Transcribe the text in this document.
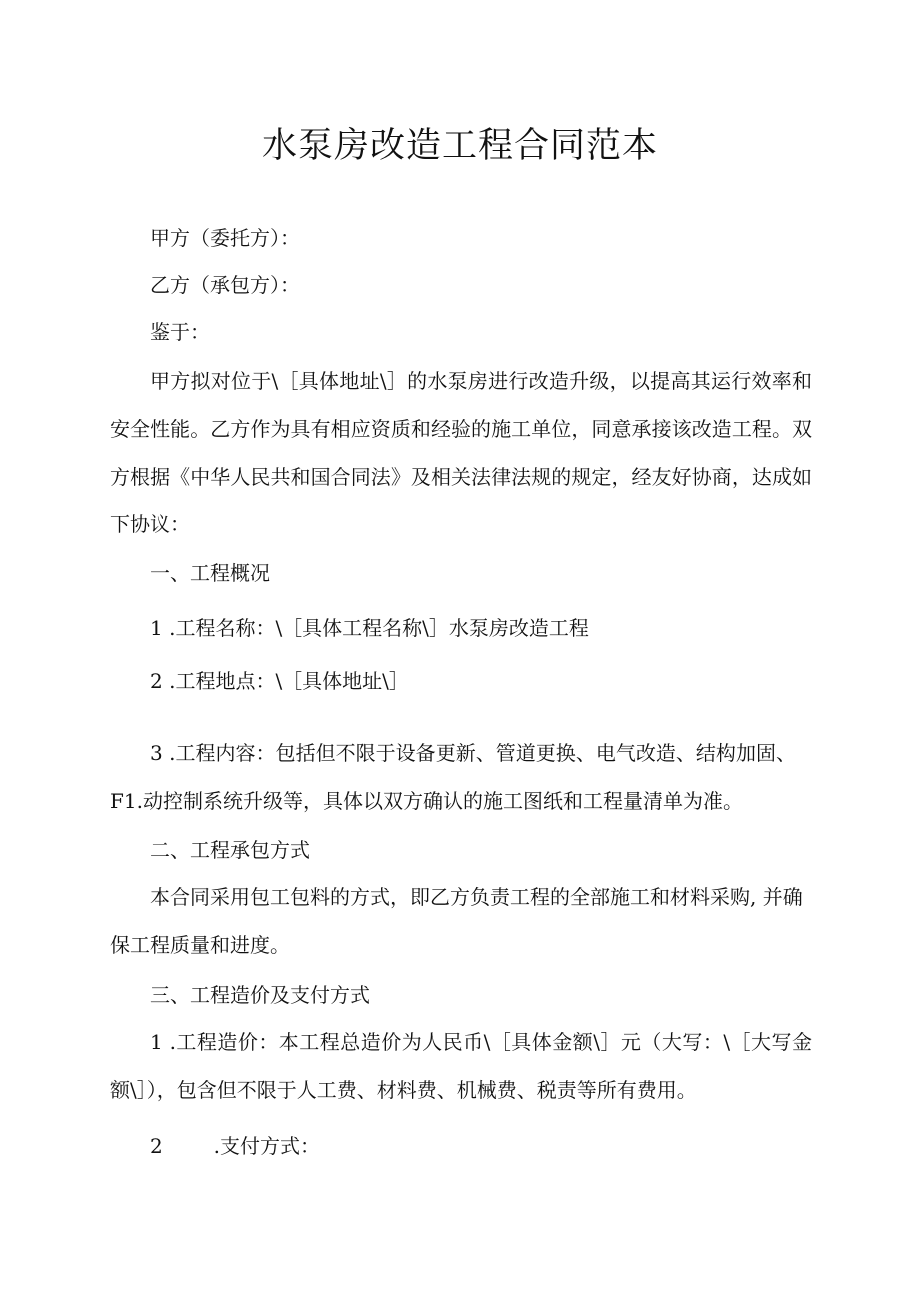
水泵房改造工程合同范本
甲方（委托方）：
乙方（承包方）：
鉴于：
甲方拟对位于\［具体地址\］的水泵房进行改造升级，以提高其运行效率和
安全性能。乙方作为具有相应资质和经验的施工单位，同意承接该改造工程。双
方根据《中华人民共和国合同法》及相关法律法规的规定，经友好协商，达成如
下协议：
一、工程概况
1 .工程名称：\［具体工程名称\］水泵房改造工程
2 .工程地点：\［具体地址\］
3 .工程内容：包括但不限于设备更新、管道更换、电气改造、结构加固、
F1.动控制系统升级等，具体以双方确认的施工图纸和工程量清单为准。
二、工程承包方式
本合同采用包工包料的方式，即乙方负责工程的全部施工和材料采购, 并确
保工程质量和进度。
三、工程造价及支付方式
1 .工程造价：本工程总造价为人民币\［具体金额\］元（大写：\［大写金
额\］），包含但不限于人工费、材料费、机械费、税责等所有费用。
2        .支付方式：
